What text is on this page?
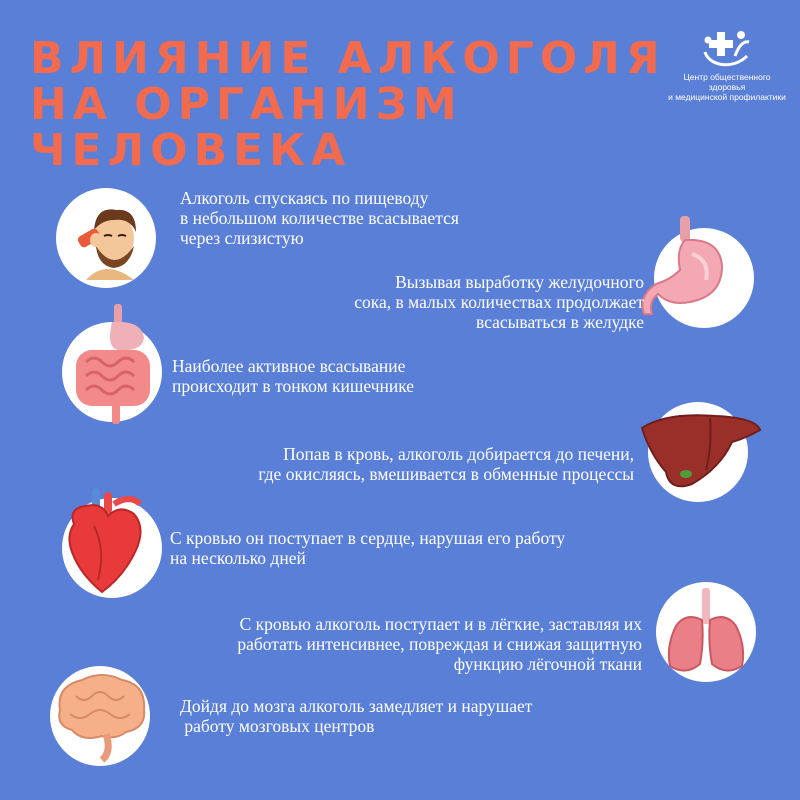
ВЛИЯНИЕ АЛКОГОЛЯ
НА ОРГАНИЗМ
ЧЕЛОВЕКА
Центр общественного здоровья
и медицинской профилактики
Алкоголь спускаясь по пищеводу
в небольшом количестве всасывается
через слизистую
Вызывая выработку желудочного
сока, в малых количествах продолжает
всасываться в желудке
Наиболее активное всасывание
происходит в тонком кишечнике
Попав в кровь, алкоголь добирается до печени,
где окисляясь, вмешивается в обменные процессы
С кровью он поступает в сердце, нарушая его работу
на несколько дней
С кровью алкоголь поступает и в лёгкие, заставляя их
работать интенсивнее, повреждая и снижая защитную
функцию лёгочной ткани
Дойдя до мозга алкоголь замедляет и нарушает
работу мозговых центров
